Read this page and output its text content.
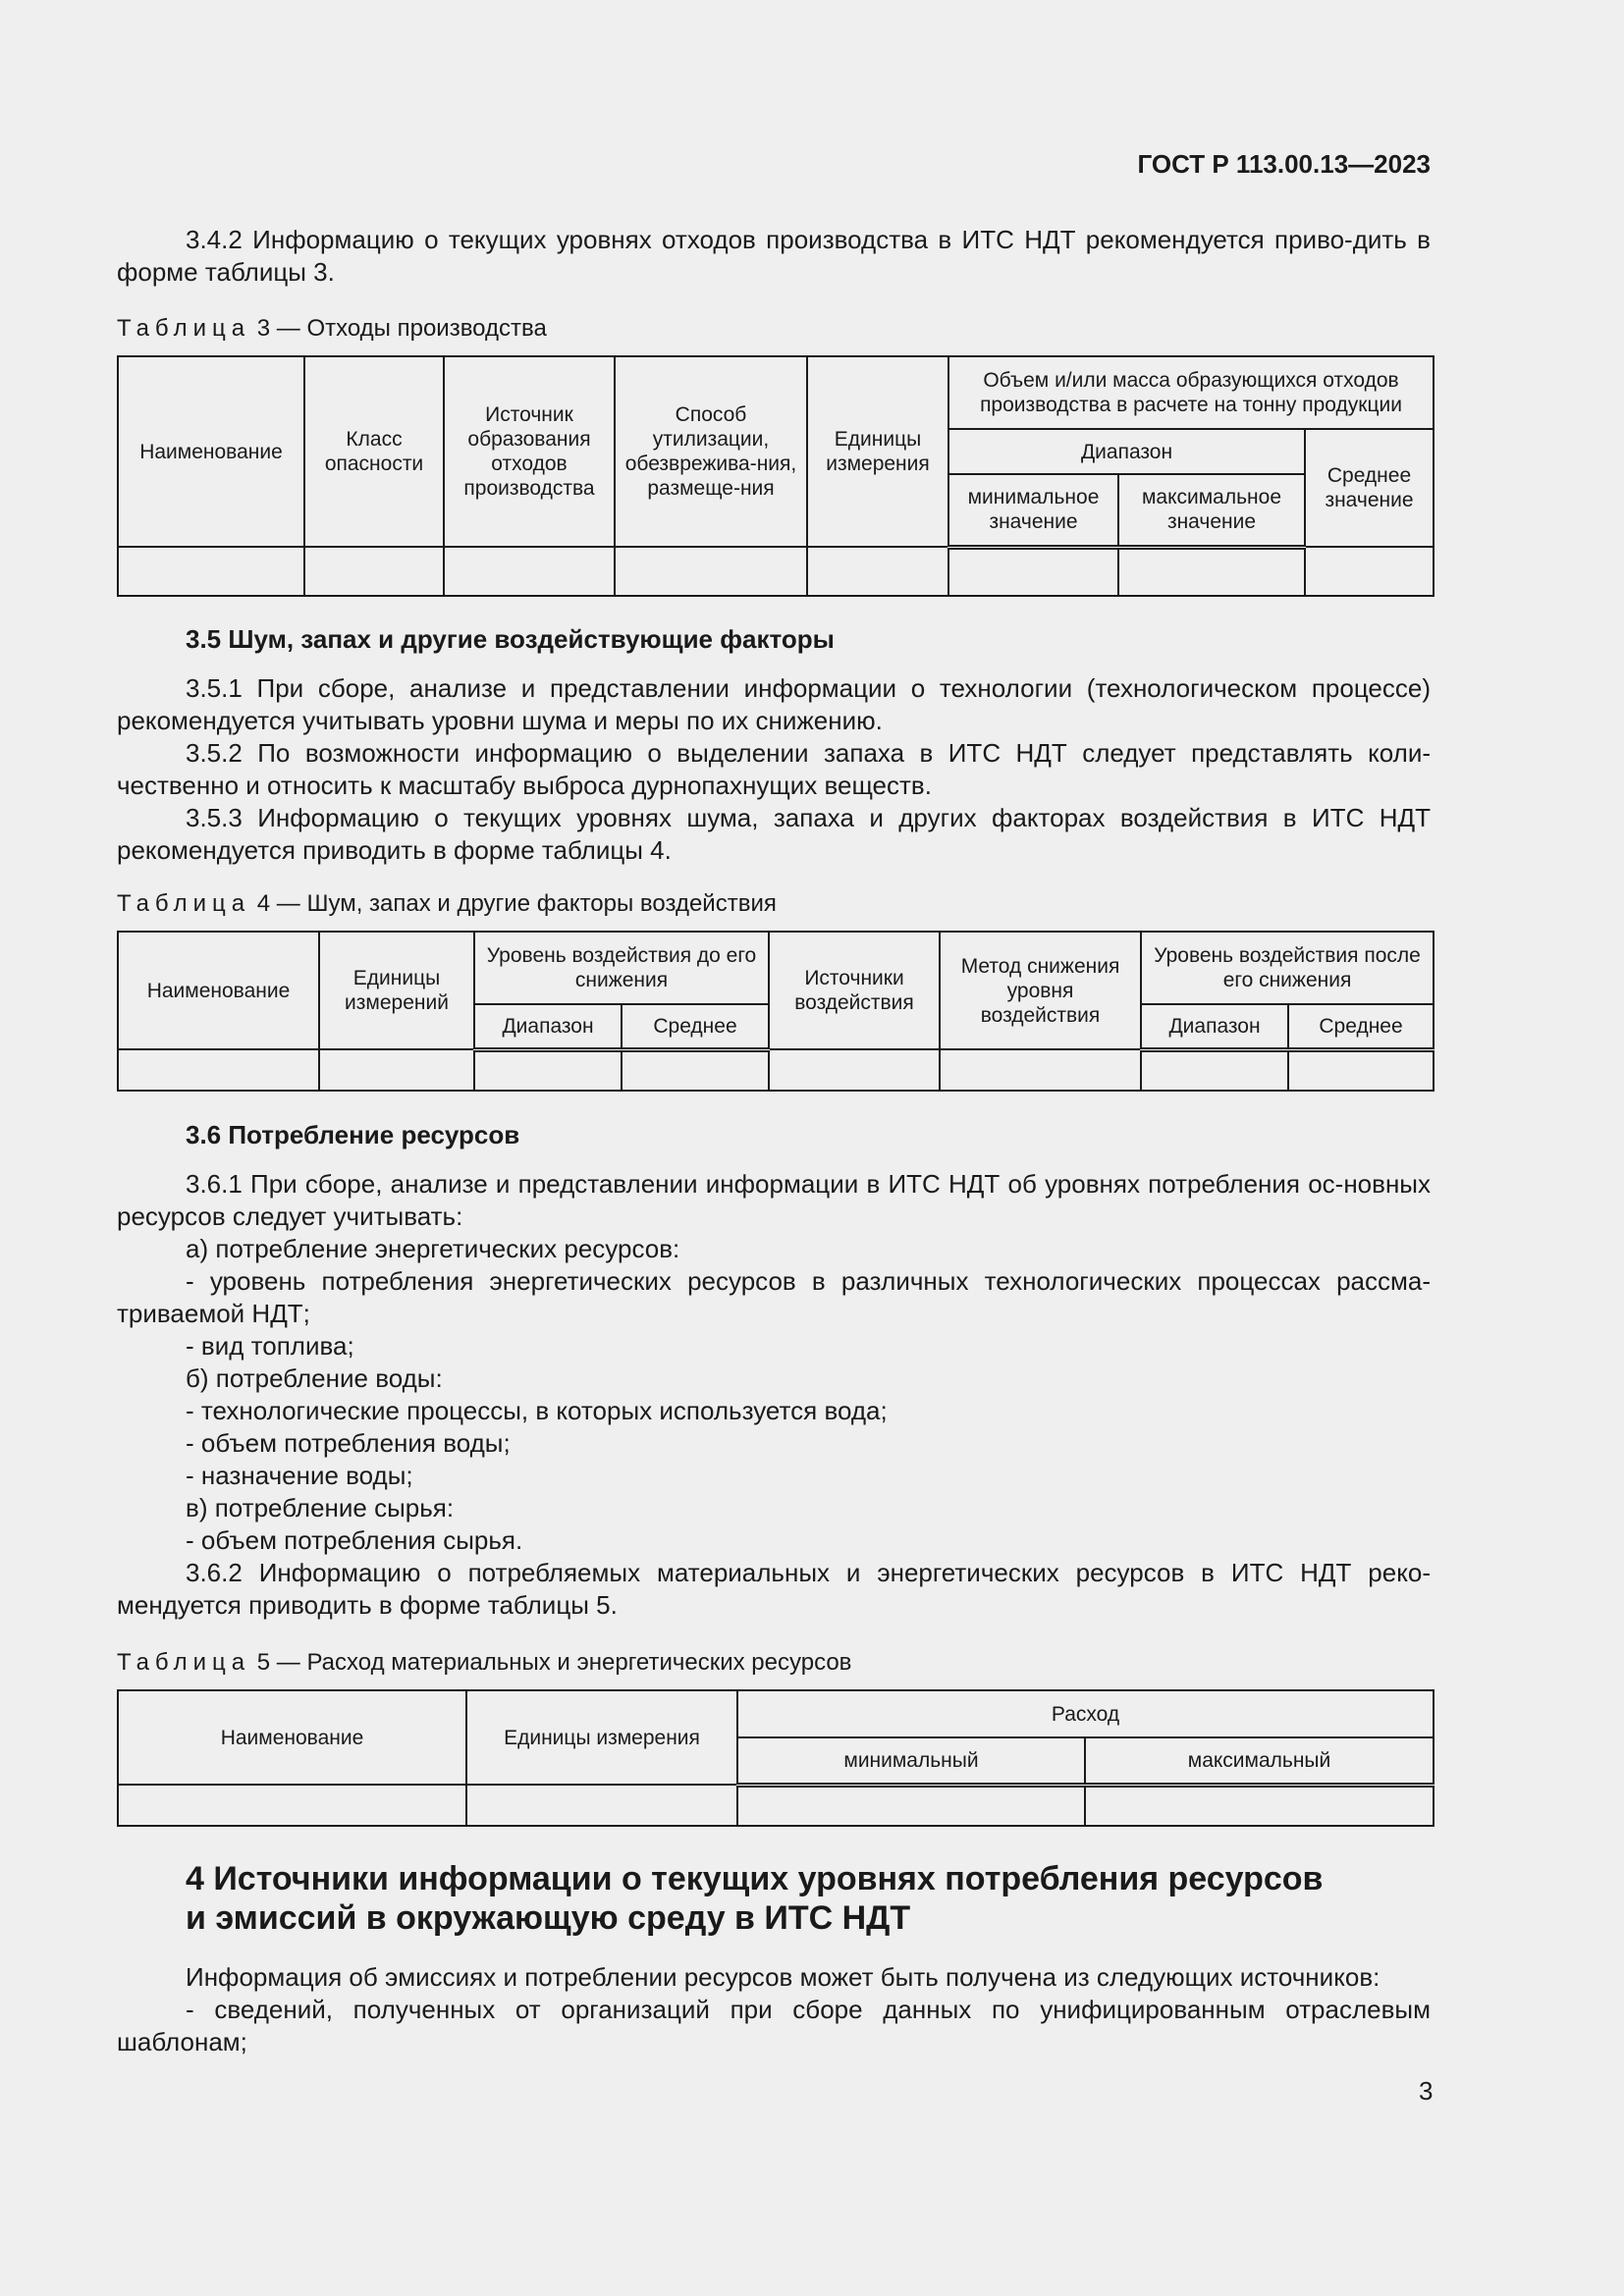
ГОСТ Р 113.00.13—2023

3.4.2 Информацию о текущих уровнях отходов производства в ИТС НДТ рекомендуется приво-дить в форме таблицы 3.

Таблица 3 — Отходы производства

Наименование	Класс опасности	Источник образования отходов производства	Способ утилизации, обезврежива-ния, размеще-ния	Единицы измерения	Объем и/или масса образующихся отходов производства в расчете на тонну продукции		
					Диапазон		Среднее значение
					минимальное значение	максимальное значение	

3.5 Шум, запах и другие воздействующие факторы

3.5.1 При сборе, анализе и представлении информации о технологии (технологическом процессе) рекомендуется учитывать уровни шума и меры по их снижению.

3.5.2 По возможности информацию о выделении запаха в ИТС НДТ следует представлять коли-чественно и относить к масштабу выброса дурнопахнущих веществ.

3.5.3 Информацию о текущих уровнях шума, запаха и других факторах воздействия в ИТС НДТ рекомендуется приводить в форме таблицы 4.

Таблица 4 — Шум, запах и другие факторы воздействия

Наименование	Единицы измерений	Уровень воздействия до его снижения		Источники воздействия	Метод снижения уровня воздействия	Уровень воздействия после его снижения	
		Диапазон	Среднее			Диапазон	Среднее

3.6 Потребление ресурсов

3.6.1 При сборе, анализе и представлении информации в ИТС НДТ об уровнях потребления ос-новных ресурсов следует учитывать:

а) потребление энергетических ресурсов:

- уровень потребления энергетических ресурсов в различных технологических процессах рассма-триваемой НДТ;

- вид топлива;

б) потребление воды:

- технологические процессы, в которых используется вода;

- объем потребления воды;

- назначение воды;

в) потребление сырья:

- объем потребления сырья.

3.6.2 Информацию о потребляемых материальных и энергетических ресурсов в ИТС НДТ реко-мендуется приводить в форме таблицы 5.

Таблица 5 — Расход материальных и энергетических ресурсов

Наименование	Единицы измерения	Расход	
		минимальный	максимальный

4 Источники информации о текущих уровнях потребления ресурсов

и эмиссий в окружающую среду в ИТС НДТ

Информация об эмиссиях и потреблении ресурсов может быть получена из следующих источников:

- сведений, полученных от организаций при сборе данных по унифицированным отраслевым шаблонам;

3
